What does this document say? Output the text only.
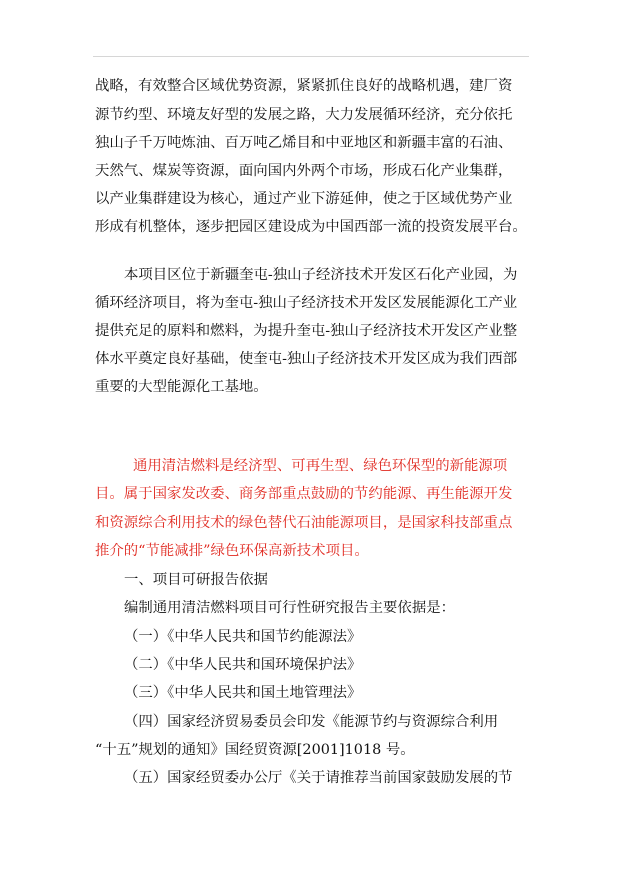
战略，有效整合区域优势资源，紧紧抓住良好的战略机遇，建厂资
源节约型、环境友好型的发展之路，大力发展循环经济，充分依托
独山子千万吨炼油、百万吨乙烯目和中亚地区和新疆丰富的石油、
天然气、煤炭等资源，面向国内外两个市场，形成石化产业集群，
以产业集群建设为核心，通过产业下游延伸，使之于区域优势产业
形成有机整体，逐步把园区建设成为中国西部一流的投资发展平台。
本项目区位于新疆奎屯-独山子经济技术开发区石化产业园，为
循环经济项目，将为奎屯-独山子经济技术开发区发展能源化工产业
提供充足的原料和燃料，为提升奎屯-独山子经济技术开发区产业整
体水平奠定良好基础，使奎屯-独山子经济技术开发区成为我们西部
重要的大型能源化工基地。
通用清洁燃料是经济型、可再生型、绿色环保型的新能源项
目。属于国家发改委、商务部重点鼓励的节约能源、再生能源开发
和资源综合利用技术的绿色替代石油能源项目，是国家科技部重点
推介的“节能减排”绿色环保高新技术项目。
一、项目可研报告依据
编制通用清洁燃料项目可行性研究报告主要依据是：
（一）《中华人民共和国节约能源法》
（二）《中华人民共和国环境保护法》
（三）《中华人民共和国土地管理法》
（四）国家经济贸易委员会印发《能源节约与资源综合利用
“十五”规划的通知》国经贸资源[2001]1018 号。
（五）国家经贸委办公厅《关于请推荐当前国家鼓励发展的节
